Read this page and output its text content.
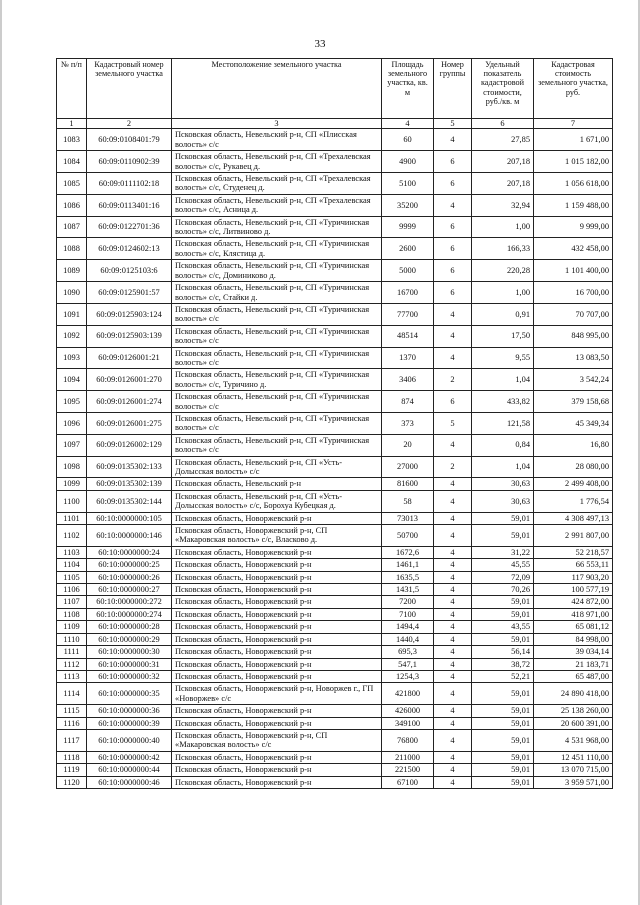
33
№ п/п	Кадастровый номер земельного участка	Местоположение земельного участка	Площадь земельного участка, кв. м	Номер группы	Удельный показатель кадастровой стоимости, руб./кв. м	Кадастровая стоимость земельного участка, руб.
1	2	3	4	5	6	7
1083	60:09:0108401:79	Псковская область, Невельский р-н, СП «Плисская волость» с/с	60	4	27,85	1 671,00
1084	60:09:0110902:39	Псковская область, Невельский р-н, СП «Трехалевская волость» с/с, Рукавец д.	4900	6	207,18	1 015 182,00
1085	60:09:0111102:18	Псковская область, Невельский р-н, СП «Трехалевская волость» с/с, Студенец д.	5100	6	207,18	1 056 618,00
1086	60:09:0113401:16	Псковская область, Невельский р-н, СП «Трехалевская волость» с/с, Асница д.	35200	4	32,94	1 159 488,00
1087	60:09:0122701:36	Псковская область, Невельский р-н, СП «Туричинская волость» с/с, Литвиново д.	9999	6	1,00	9 999,00
1088	60:09:0124602:13	Псковская область, Невельский р-н, СП «Туричинская волость» с/с, Клястица д.	2600	6	166,33	432 458,00
1089	60:09:0125103:6	Псковская область, Невельский р-н, СП «Туричинская волость» с/с, Доминиково д.	5000	6	220,28	1 101 400,00
1090	60:09:0125901:57	Псковская область, Невельский р-н, СП «Туричинская волость» с/с, Стайки д.	16700	6	1,00	16 700,00
1091	60:09:0125903:124	Псковская область, Невельский р-н, СП «Туричинская волость» с/с	77700	4	0,91	70 707,00
1092	60:09:0125903:139	Псковская область, Невельский р-н, СП «Туричинская волость» с/с	48514	4	17,50	848 995,00
1093	60:09:0126001:21	Псковская область, Невельский р-н, СП «Туричинская волость» с/с	1370	4	9,55	13 083,50
1094	60:09:0126001:270	Псковская область, Невельский р-н, СП «Туричинская волость» с/с, Туричино д.	3406	2	1,04	3 542,24
1095	60:09:0126001:274	Псковская область, Невельский р-н, СП «Туричинская волость» с/с	874	6	433,82	379 158,68
1096	60:09:0126001:275	Псковская область, Невельский р-н, СП «Туричинская волость» с/с	373	5	121,58	45 349,34
1097	60:09:0126002:129	Псковская область, Невельский р-н, СП «Туричинская волость» с/с	20	4	0,84	16,80
1098	60:09:0135302:133	Псковская область, Невельский р-н, СП «Усть-Долысская волость» с/с	27000	2	1,04	28 080,00
1099	60:09:0135302:139	Псковская область, Невельский р-н	81600	4	30,63	2 499 408,00
1100	60:09:0135302:144	Псковская область, Невельский р-н, СП «Усть-Долысская волость» с/с, Борохуа Кубецкая д.	58	4	30,63	1 776,54
1101	60:10:0000000:105	Псковская область, Новоржевский р-н	73013	4	59,01	4 308 497,13
1102	60:10:0000000:146	Псковская область, Новоржевский р-н, СП «Макаровская волость» с/с, Власково д.	50700	4	59,01	2 991 807,00
1103	60:10:0000000:24	Псковская область, Новоржевский р-н	1672,6	4	31,22	52 218,57
1104	60:10:0000000:25	Псковская область, Новоржевский р-н	1461,1	4	45,55	66 553,11
1105	60:10:0000000:26	Псковская область, Новоржевский р-н	1635,5	4	72,09	117 903,20
1106	60:10:0000000:27	Псковская область, Новоржевский р-н	1431,5	4	70,26	100 577,19
1107	60:10:0000000:272	Псковская область, Новоржевский р-н	7200	4	59,01	424 872,00
1108	60:10:0000000:274	Псковская область, Новоржевский р-н	7100	4	59,01	418 971,00
1109	60:10:0000000:28	Псковская область, Новоржевский р-н	1494,4	4	43,55	65 081,12
1110	60:10:0000000:29	Псковская область, Новоржевский р-н	1440,4	4	59,01	84 998,00
1111	60:10:0000000:30	Псковская область, Новоржевский р-н	695,3	4	56,14	39 034,14
1112	60:10:0000000:31	Псковская область, Новоржевский р-н	547,1	4	38,72	21 183,71
1113	60:10:0000000:32	Псковская область, Новоржевский р-н	1254,3	4	52,21	65 487,00
1114	60:10:0000000:35	Псковская область, Новоржевский р-н, Новоржев г., ГП «Новоржев» с/с	421800	4	59,01	24 890 418,00
1115	60:10:0000000:36	Псковская область, Новоржевский р-н	426000	4	59,01	25 138 260,00
1116	60:10:0000000:39	Псковская область, Новоржевский р-н	349100	4	59,01	20 600 391,00
1117	60:10:0000000:40	Псковская область, Новоржевский р-н, СП «Макаровская волость» с/с	76800	4	59,01	4 531 968,00
1118	60:10:0000000:42	Псковская область, Новоржевский р-н	211000	4	59,01	12 451 110,00
1119	60:10:0000000:44	Псковская область, Новоржевский р-н	221500	4	59,01	13 070 715,00
1120	60:10:0000000:46	Псковская область, Новоржевский р-н	67100	4	59,01	3 959 571,00
